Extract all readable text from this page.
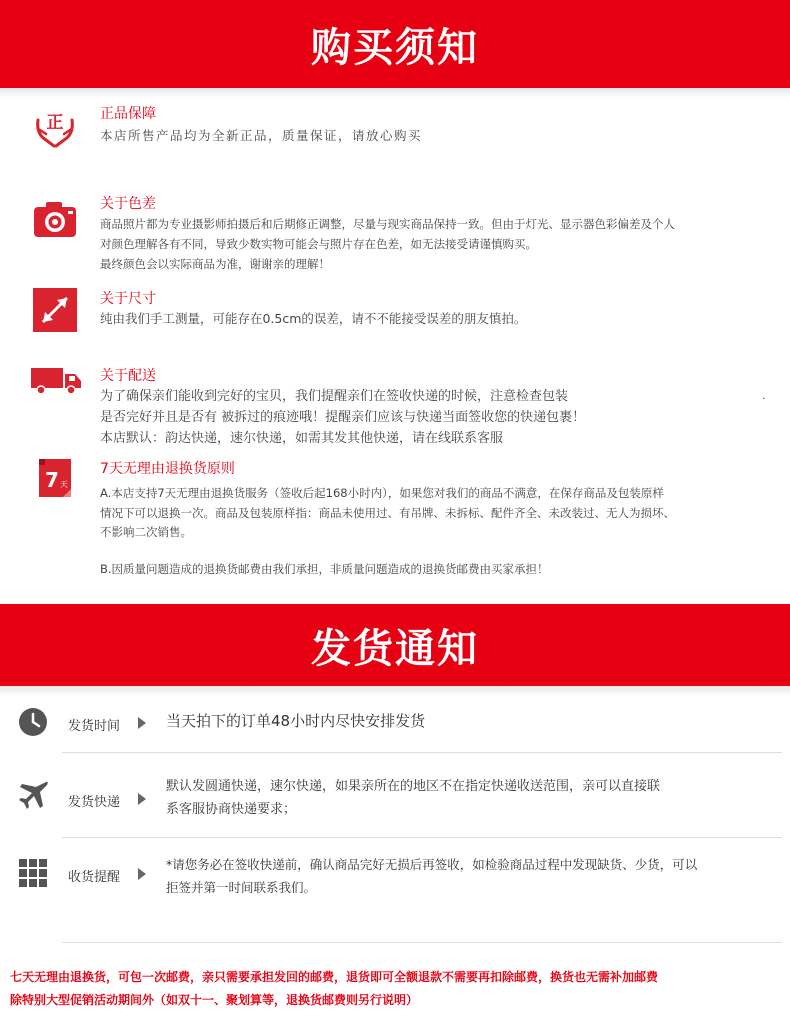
购买须知
正	正品保障

本店所售产品均为全新正品，质量保证，请放心购买

关于色差

商品照片都为专业摄影师拍摄后和后期修正调整，尽量与现实商品保持一致。但由于灯光、显示器色彩偏差及个人

对颜色理解各有不同，导致少数实物可能会与照片存在色差，如无法接受请谨慎购买。

最终颜色会以实际商品为准，谢谢亲的理解！

关于尺寸

纯由我们手工测量，可能存在0.5cm的误差，请不不能接受误差的朋友慎拍。

关于配送

为了确保亲们能收到完好的宝贝，我们提醒亲们在签收快递的时候，注意检查包装

是否完好并且是否有 被拆过的痕迹哦！提醒亲们应该与快递当面签收您的快递包裹！

本店默认：韵达快递，速尔快递，如需其发其他快递，请在线联系客服

·
7 天
7天无理由退换货原则

A.本店支持7天无理由退换货服务（签收后起168小时内），如果您对我们的商品不满意，在保存商品及包装原样

情况下可以退换一次。商品及包装原样指：商品未使用过、有吊牌、未拆标、配件齐全、未改装过、无人为损坏、

不影响二次销售。

B.因质量问题造成的退换货邮费由我们承担，非质量问题造成的退换货邮费由买家承担！

发货通知
发货时间	当天拍下的订单48小时内尽快安排发货

发货快递

默认发圆通快递，速尔快递，如果亲所在的地区不在指定快递收送范围，亲可以直接联

系客服协商快递要求；

收货提醒

*请您务必在签收快递前，确认商品完好无损后再签收，如检验商品过程中发现缺货、少货，可以

拒签并第一时间联系我们。

七天无理由退换货，可包一次邮费，亲只需要承担发回的邮费，退货即可全额退款不需要再扣除邮费，换货也无需补加邮费

除特别大型促销活动期间外（如双十一、聚划算等，退换货邮费则另行说明）
